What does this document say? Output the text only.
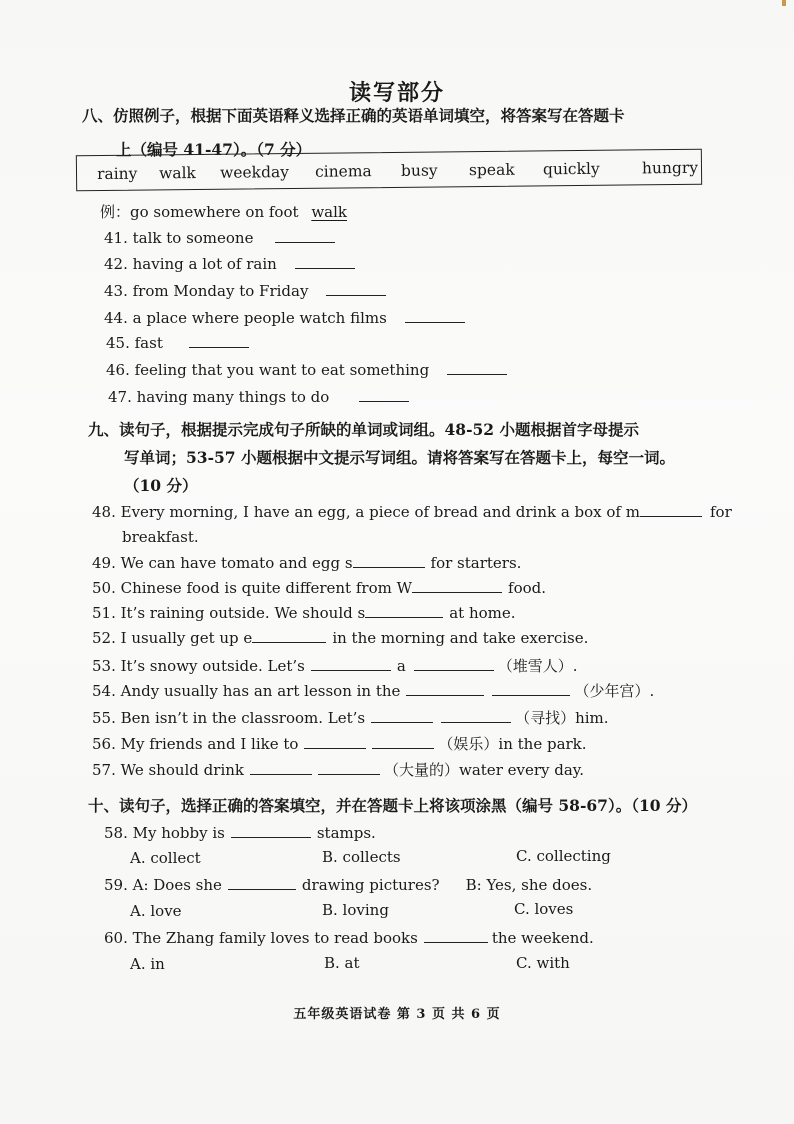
读写部分
八、仿照例子，根据下面英语释义选择正确的英语单词填空，将答案写在答题卡
上（编号 41-47）。（7 分）
rainy walk weekday cinema busy speak quickly	hungry
例：go somewhere on foot walk
41. talk to someone
42. having a lot of rain
43. from Monday to Friday
44. a place where people watch films
45. fast
46. feeling that you want to eat something
47. having many things to do
九、读句子，根据提示完成句子所缺的单词或词组。48-52 小题根据首字母提示
写单词；53-57 小题根据中文提示写词组。请将答案写在答题卡上，每空一词。
（10 分）
48. Every morning, I have an egg, a piece of bread and drink a box of m	for
breakfast.
49. We can have tomato and egg s	for starters.
50. Chinese food is quite different from W	food.
51. It’s raining outside. We should s	at home.
52. I usually get up e	in the morning and take exercise.
53. It’s snowy outside. Let’s	a	（堆雪人）.
54. Andy usually has an art lesson in the	（少年宫）.
55. Ben isn’t in the classroom. Let’s	（寻找）him.
56. My friends and I like to	（娱乐）in the park.
57. We should drink	（大量的）water every day.
十、读句子，选择正确的答案填空，并在答题卡上将该项涂黑（编号 58-67）。（10 分）
58. My hobby is	stamps.
A. collect	B. collects	C. collecting
59. A: Does she	drawing pictures? B: Yes, she does.
A. love	B. loving	C. loves
60. The Zhang family loves to read books	the weekend.
A. in	B. at	C. with
五年级英语试卷 第 3 页 共 6 页
